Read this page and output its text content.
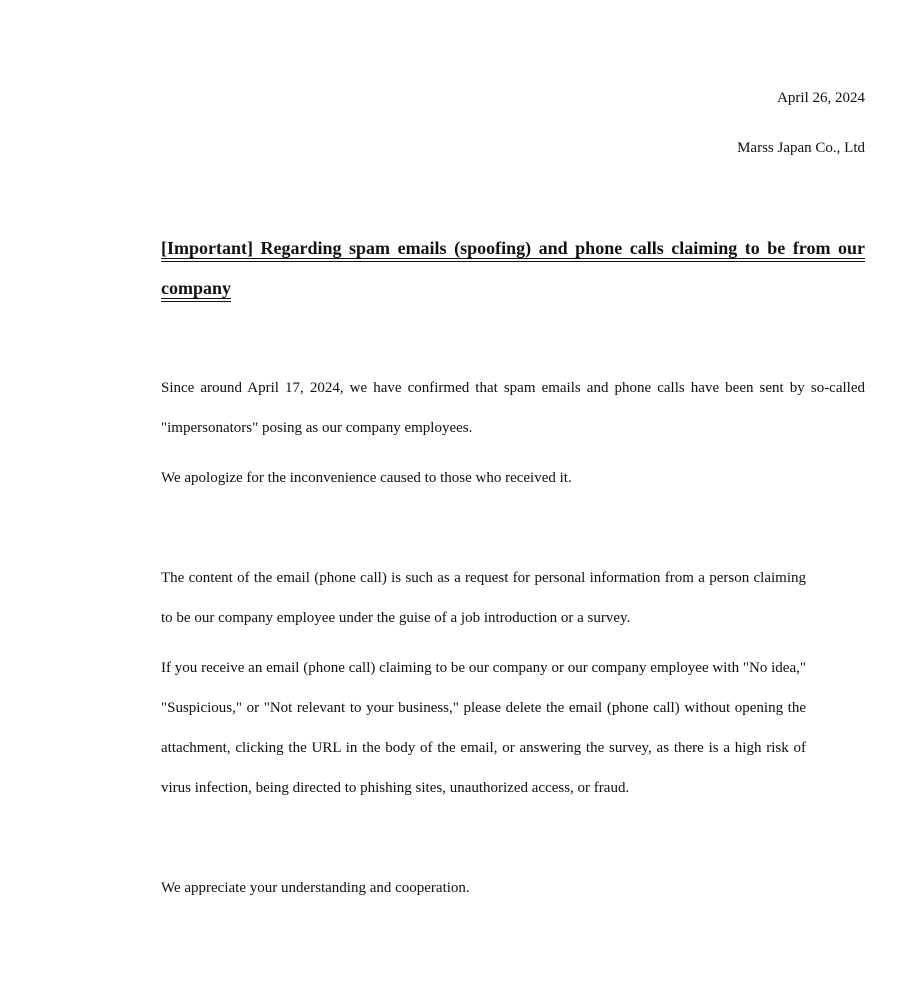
April 26, 2024
Marss Japan Co., Ltd
[Important] Regarding spam emails (spoofing) and phone calls claiming to be from our company

Since around April 17, 2024, we have confirmed that spam emails and phone calls have been sent by so-called "impersonators" posing as our company employees.

We apologize for the inconvenience caused to those who received it.

The content of the email (phone call) is such as a request for personal information from a person claiming to be our company employee under the guise of a job introduction or a survey.

If you receive an email (phone call) claiming to be our company or our company employee with "No idea," "Suspicious," or "Not relevant to your business," please delete the email (phone call) without opening the attachment, clicking the URL in the body of the email, or answering the survey, as there is a high risk of virus infection, being directed to phishing sites, unauthorized access, or fraud.

We appreciate your understanding and cooperation.
